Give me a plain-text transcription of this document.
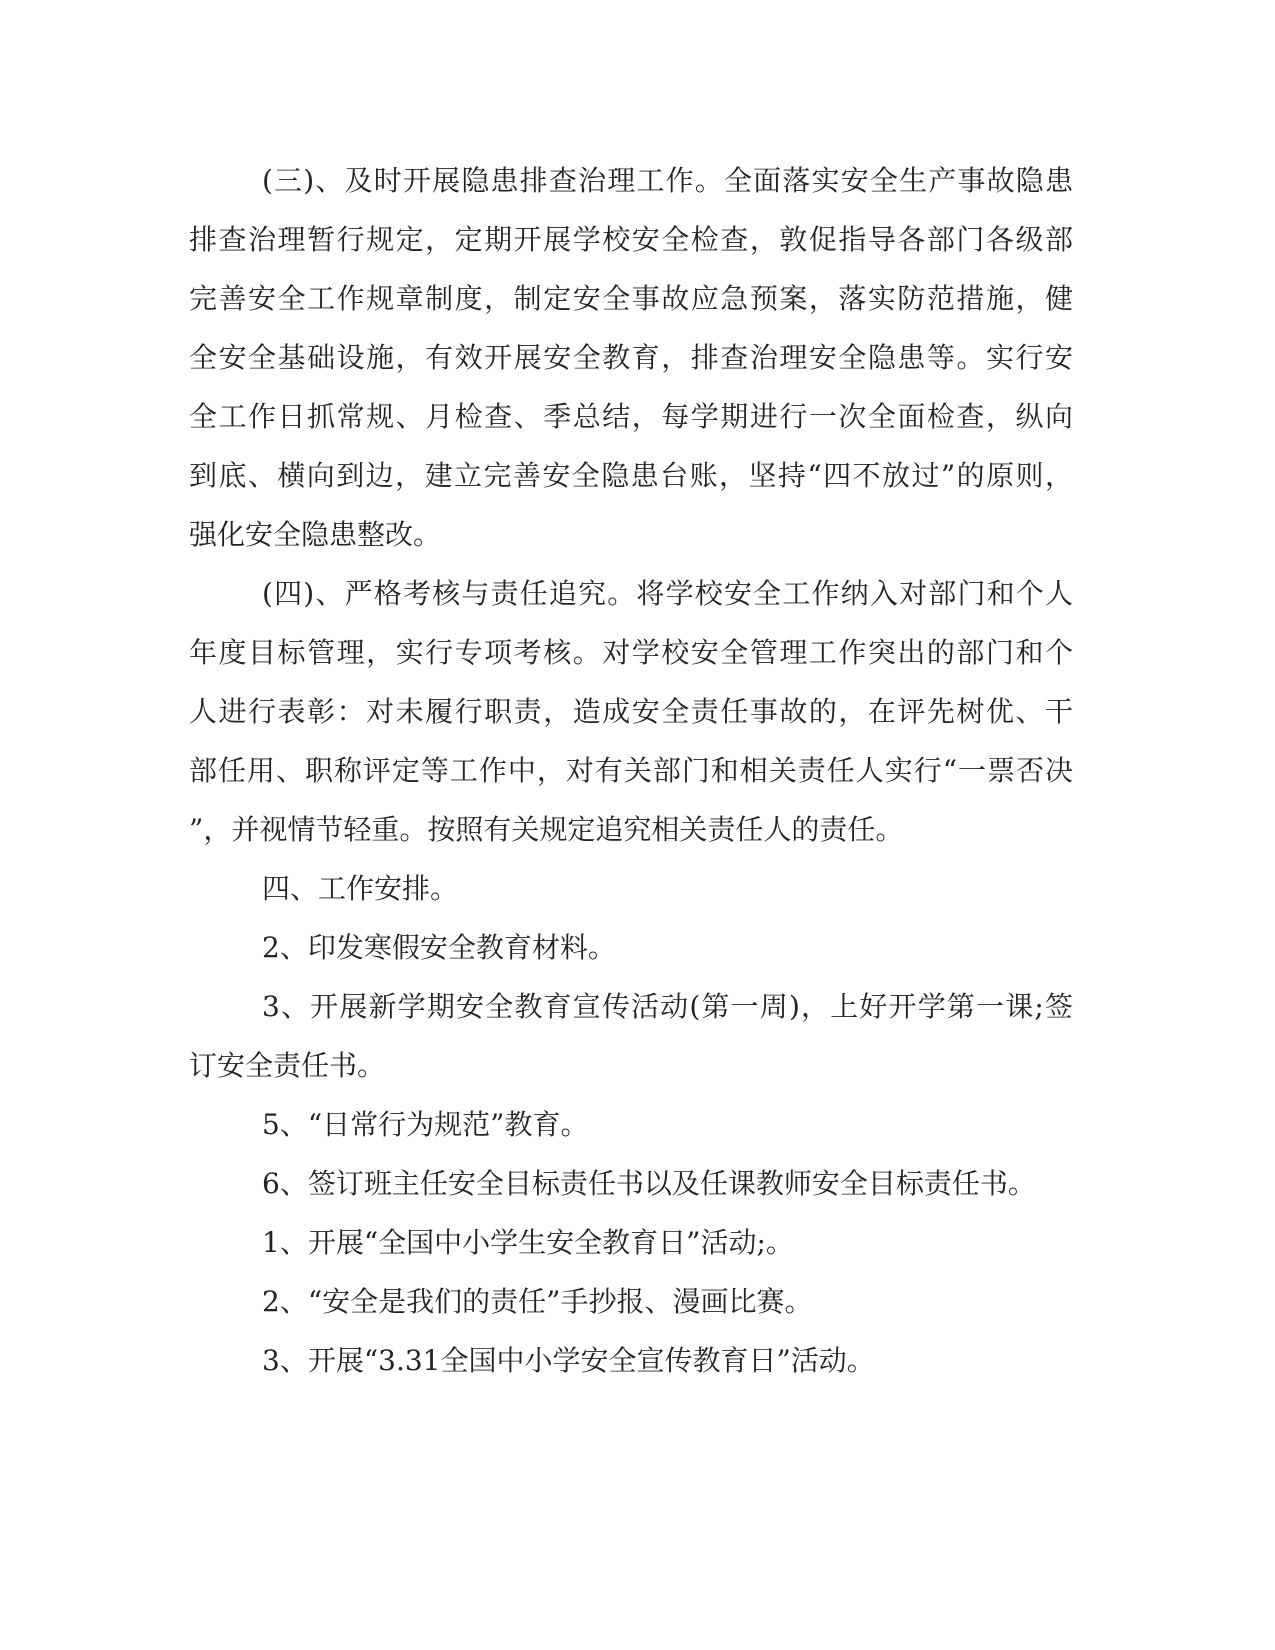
(三)、及时开展隐患排查治理工作。全面落实安全生产事故隐患
排查治理暂行规定，定期开展学校安全检查，敦促指导各部门各级部
完善安全工作规章制度，制定安全事故应急预案，落实防范措施，健
全安全基础设施，有效开展安全教育，排查治理安全隐患等。实行安
全工作日抓常规、月检查、季总结，每学期进行一次全面检查，纵向
到底、横向到边，建立完善安全隐患台账，坚持“四不放过”的原则，
强化安全隐患整改。
(四)、严格考核与责任追究。将学校安全工作纳入对部门和个人
年度目标管理，实行专项考核。对学校安全管理工作突出的部门和个
人进行表彰：对未履行职责，造成安全责任事故的，在评先树优、干
部任用、职称评定等工作中，对有关部门和相关责任人实行“一票否决
”，并视情节轻重。按照有关规定追究相关责任人的责任。
四、工作安排。
2、印发寒假安全教育材料。
3、开展新学期安全教育宣传活动(第一周)，上好开学第一课;签
订安全责任书。
5、“日常行为规范”教育。
6、签订班主任安全目标责任书以及任课教师安全目标责任书。
1、开展“全国中小学生安全教育日”活动;。
2、“安全是我们的责任”手抄报、漫画比赛。
3、开展“3.31全国中小学安全宣传教育日”活动。
